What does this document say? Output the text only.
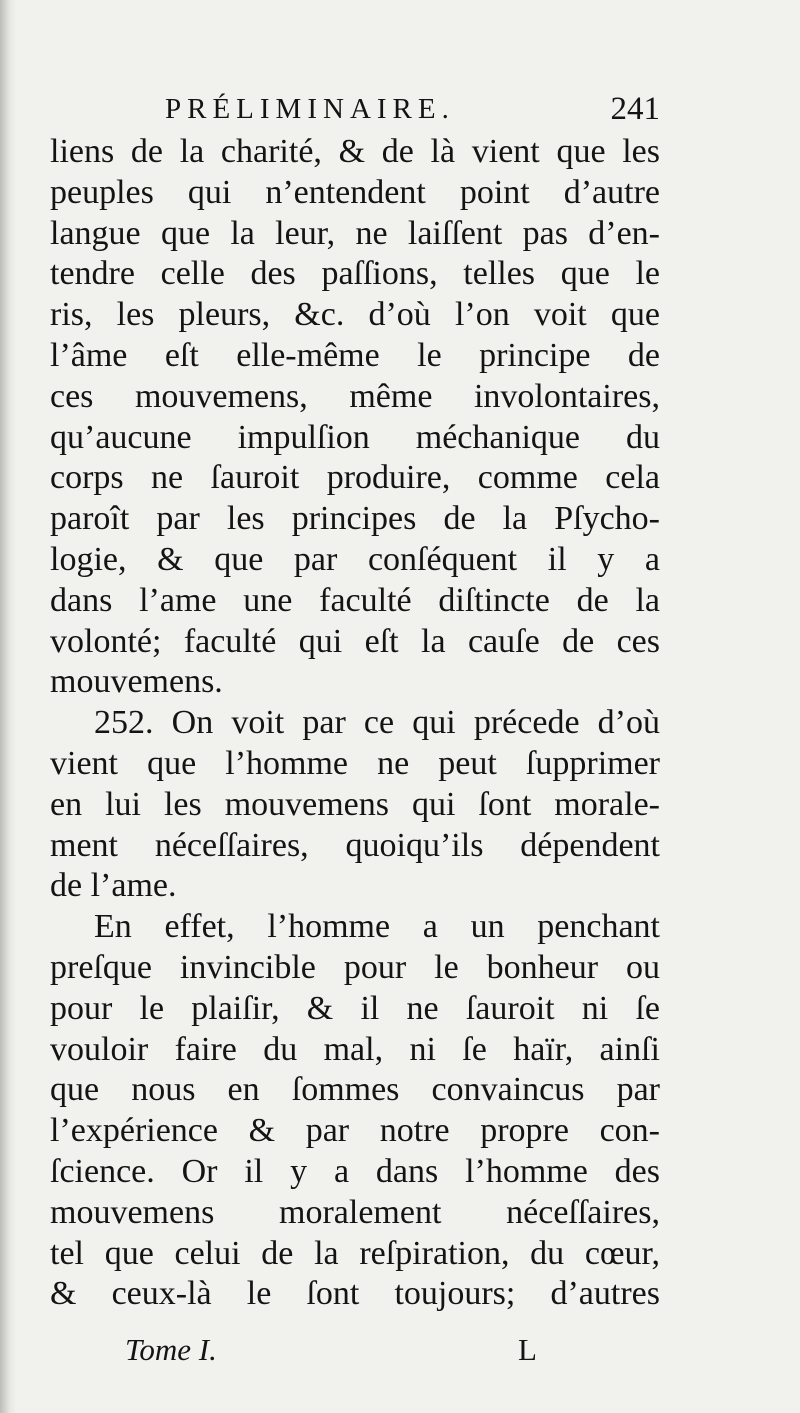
PRÉLIMINAIRE.	241
liens de la charité, & de là vient que les
peuples qui n’entendent point d’autre
langue que la leur, ne laiſſent pas d’en-
tendre celle des paſſions, telles que le
ris, les pleurs, &c. d’où l’on voit que
l’âme eſt elle-même le principe de
ces mouvemens, même involontaires,
qu’aucune impulſion méchanique du
corps ne ſauroit produire, comme cela
paroît par les principes de la Pſycho-
logie, & que par conſéquent il y a
dans l’ame une faculté diſtincte de la
volonté; faculté qui eſt la cauſe de ces
mouvemens.
252. On voit par ce qui précede d’où
vient que l’homme ne peut ſupprimer
en lui les mouvemens qui ſont morale-
ment néceſſaires, quoiqu’ils dépendent
de l’ame.
En effet, l’homme a un penchant
preſque invincible pour le bonheur ou
pour le plaiſir, & il ne ſauroit ni ſe
vouloir faire du mal, ni ſe haïr, ainſi
que nous en ſommes convaincus par
l’expérience & par notre propre con-
ſcience. Or il y a dans l’homme des
mouvemens moralement néceſſaires,
tel que celui de la reſpiration, du cœur,
& ceux-là le ſont toujours; d’autres
Tome I.	L
